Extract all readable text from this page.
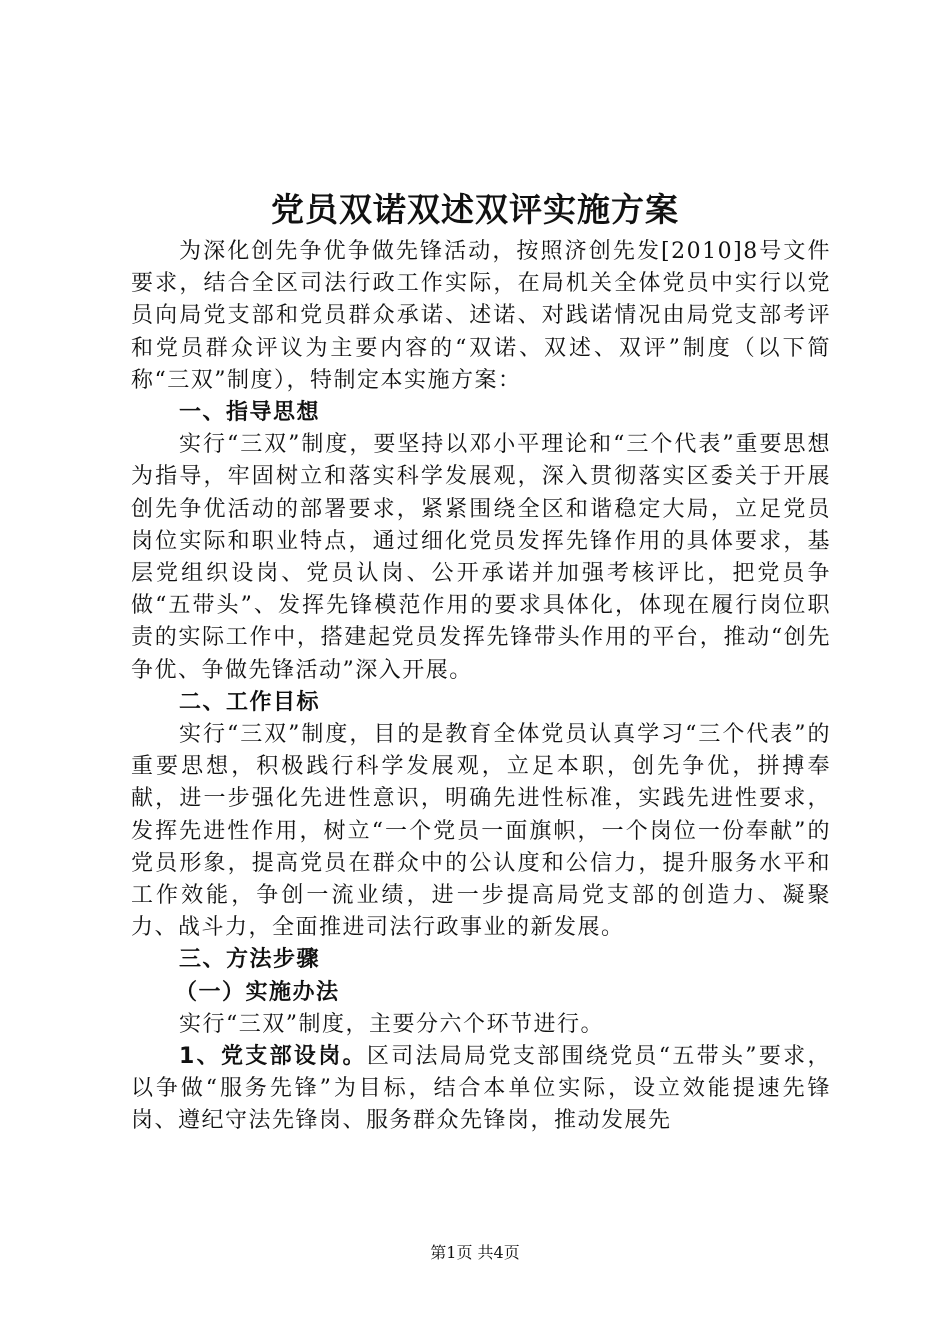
党员双诺双述双评实施方案

为深化创先争优争做先锋活动，按照济创先发[2010]8号文件要求，结合全区司法行政工作实际，在局机关全体党员中实行以党员向局党支部和党员群众承诺、述诺、对践诺情况由局党支部考评和党员群众评议为主要内容的“双诺、双述、双评”制度（以下简称“三双”制度），特制定本实施方案：

一、指导思想

实行“三双”制度，要坚持以邓小平理论和“三个代表”重要思想为指导，牢固树立和落实科学发展观，深入贯彻落实区委关于开展创先争优活动的部署要求，紧紧围绕全区和谐稳定大局，立足党员岗位实际和职业特点，通过细化党员发挥先锋作用的具体要求，基层党组织设岗、党员认岗、公开承诺并加强考核评比，把党员争做“五带头”、发挥先锋模范作用的要求具体化，体现在履行岗位职责的实际工作中，搭建起党员发挥先锋带头作用的平台，推动“创先争优、争做先锋活动”深入开展。

二、工作目标

实行“三双”制度，目的是教育全体党员认真学习“三个代表”的重要思想，积极践行科学发展观，立足本职，创先争优，拼搏奉献，进一步强化先进性意识，明确先进性标准，实践先进性要求，发挥先进性作用，树立“一个党员一面旗帜，一个岗位一份奉献”的党员形象，提高党员在群众中的公认度和公信力，提升服务水平和工作效能，争创一流业绩，进一步提高局党支部的创造力、凝聚力、战斗力，全面推进司法行政事业的新发展。

三、方法步骤

（一）实施办法

实行“三双”制度，主要分六个环节进行。

1、党支部设岗。区司法局局党支部围绕党员“五带头”要求，以争做“服务先锋”为目标，结合本单位实际，设立效能提速先锋岗、遵纪守法先锋岗、服务群众先锋岗，推动发展先

第1页 共4页
